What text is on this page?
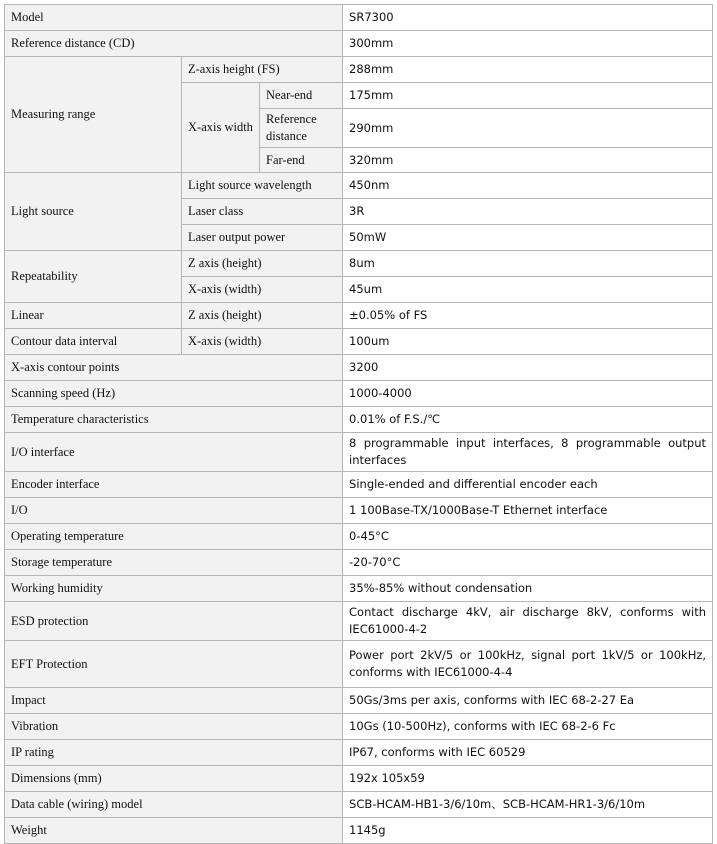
Model			SR7300
Reference distance (CD)			300mm
Measuring range	Z-axis height (FS)		288mm
	X-axis width	Near-end	175mm
		Reference distance	290mm
		Far-end	320mm
Light source	Light source wavelength		450nm
	Laser class		3R
	Laser output power		50mW
Repeatability	Z axis (height)		8um
	X-axis (width)		45um
Linear	Z axis (height)		±0.05% of FS
Contour data interval	X-axis (width)		100um
X-axis contour points			3200
Scanning speed (Hz)			1000-4000
Temperature characteristics			0.01% of F.S./℃
I/O interface			8 programmable input interfaces, 8 programmable output interfaces
Encoder interface			Single-ended and differential encoder each
I/O			1 100Base-TX/1000Base-T Ethernet interface
Operating temperature			0-45°C
Storage temperature			-20-70°C
Working humidity			35%-85% without condensation
ESD protection			Contact discharge 4kV, air discharge 8kV, conforms with IEC61000-4-2
EFT Protection			Power port 2kV/5 or 100kHz, signal port 1kV/5 or 100kHz, conforms with IEC61000-4-4
Impact			50Gs/3ms per axis, conforms with IEC 68-2-27 Ea
Vibration			10Gs (10-500Hz), conforms with IEC 68-2-6 Fc
IP rating			IP67, conforms with IEC 60529
Dimensions (mm)			192x 105x59
Data cable (wiring) model			SCB-HCAM-HB1-3/6/10m、SCB-HCAM-HR1-3/6/10m
Weight			1145g
